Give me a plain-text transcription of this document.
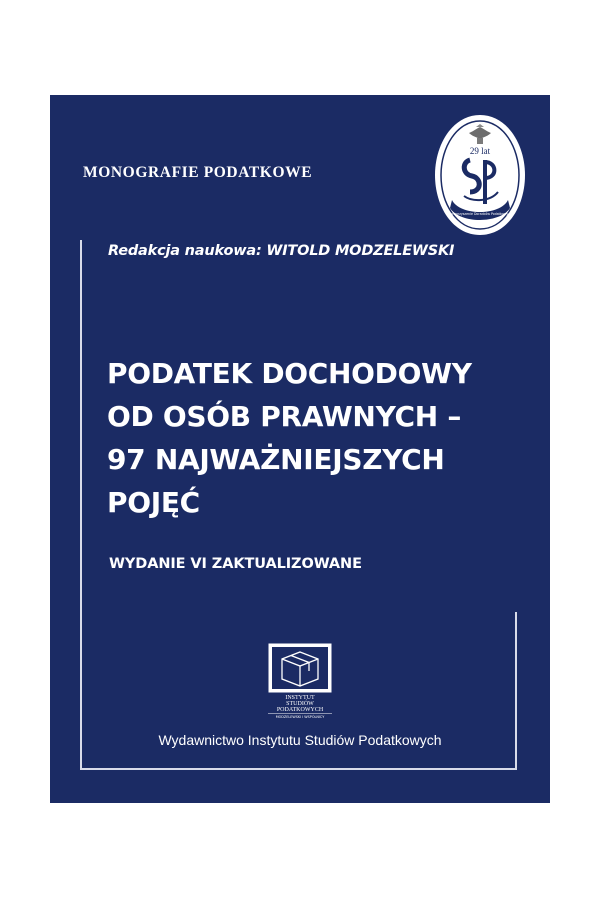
MONOGRAFIE PODATKOWE
29 lat
Stowarzyszenie Doradców Podatkowych
Redakcja naukowa: WITOLD MODZELEWSKI
PODATEK DOCHODOWY
OD OSÓB PRAWNYCH –
97 NAJWAŻNIEJSZYCH
POJĘĆ
WYDANIE VI ZAKTUALIZOWANE
INSTYTUT
STUDIÓW
PODATKOWYCH
MODZELEWSKI I WSPÓLNICY
Wydawnictwo Instytutu Studiów Podatkowych
